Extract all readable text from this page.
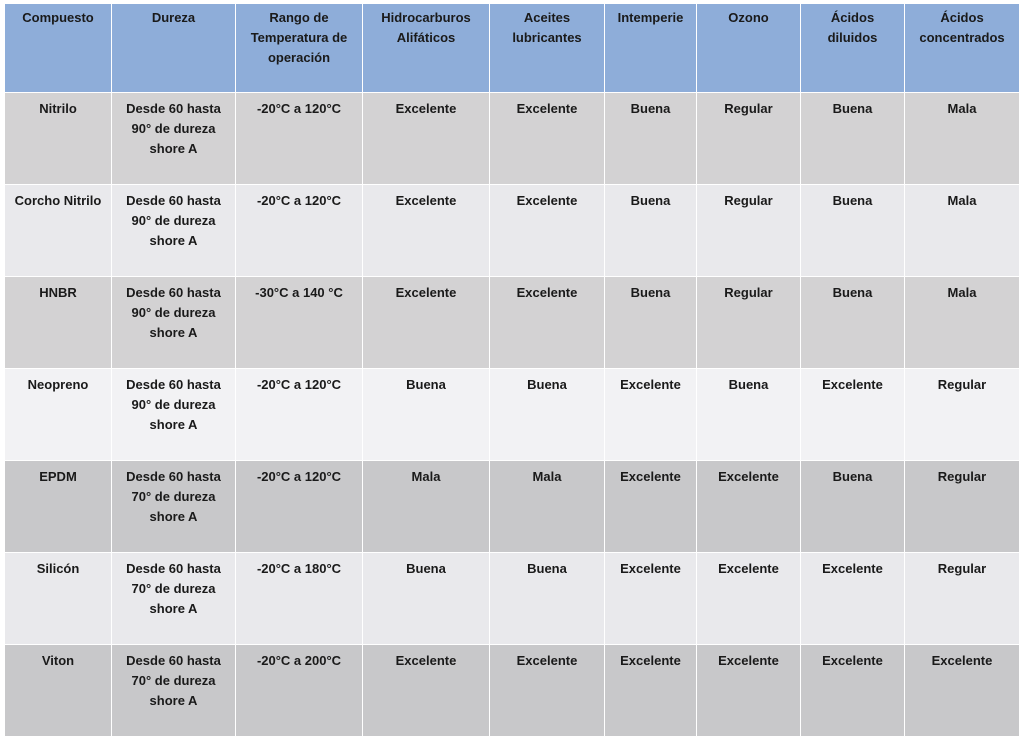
Compuesto	Dureza	Rango de Temperatura de operación	Hidrocarburos Alifáticos	Aceites lubricantes	Intemperie	Ozono	Ácidos diluidos	Ácidos concentrados
Nitrilo	Desde 60 hasta 90° de dureza shore A	-20°C a 120°C	Excelente	Excelente	Buena	Regular	Buena	Mala
Corcho Nitrilo	Desde 60 hasta 90° de dureza shore A	-20°C a 120°C	Excelente	Excelente	Buena	Regular	Buena	Mala
HNBR	Desde 60 hasta 90° de dureza shore A	-30°C a 140 °C	Excelente	Excelente	Buena	Regular	Buena	Mala
Neopreno	Desde 60 hasta 90° de dureza shore A	-20°C a 120°C	Buena	Buena	Excelente	Buena	Excelente	Regular
EPDM	Desde 60 hasta 70° de dureza shore A	-20°C a 120°C	Mala	Mala	Excelente	Excelente	Buena	Regular
Silicón	Desde 60 hasta 70° de dureza shore A	-20°C a 180°C	Buena	Buena	Excelente	Excelente	Excelente	Regular
Viton	Desde 60 hasta 70° de dureza shore A	-20°C a 200°C	Excelente	Excelente	Excelente	Excelente	Excelente	Excelente
